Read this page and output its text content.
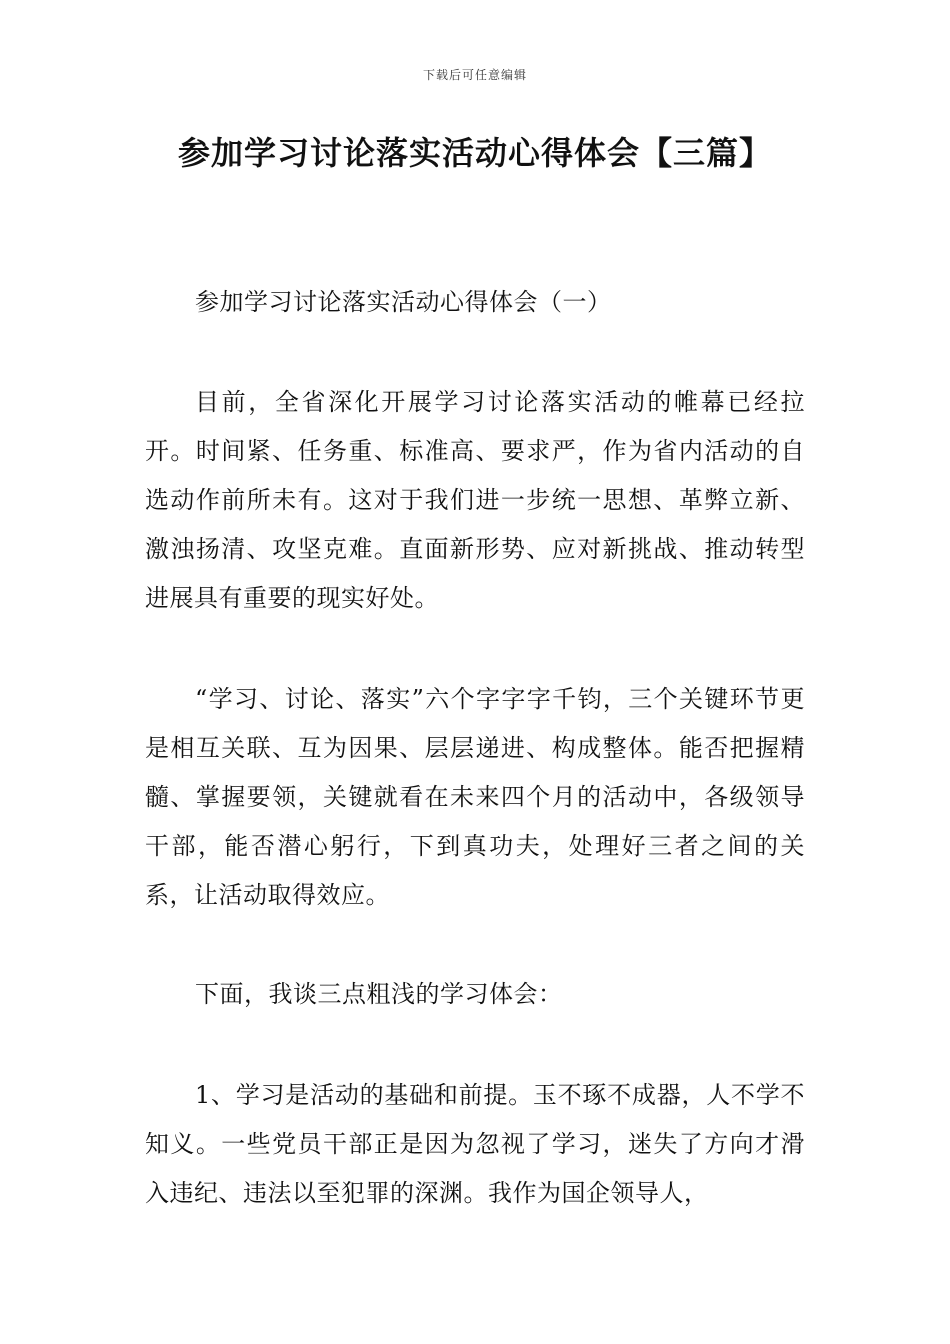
下载后可任意编辑
参加学习讨论落实活动心得体会【三篇】

参加学习讨论落实活动心得体会（一）

目前，全省深化开展学习讨论落实活动的帷幕已经拉开。时间紧、任务重、标准高、要求严，作为省内活动的自选动作前所未有。这对于我们进一步统一思想、革弊立新、激浊扬清、攻坚克难。直面新形势、应对新挑战、推动转型进展具有重要的现实好处。

“学习、讨论、落实”六个字字字千钧，三个关键环节更是相互关联、互为因果、层层递进、构成整体。能否把握精髓、掌握要领，关键就看在未来四个月的活动中，各级领导干部，能否潜心躬行，下到真功夫，处理好三者之间的关系，让活动取得效应。

下面，我谈三点粗浅的学习体会：

1、学习是活动的基础和前提。玉不琢不成器，人不学不知义。一些党员干部正是因为忽视了学习，迷失了方向才滑入违纪、违法以至犯罪的深渊。我作为国企领导人，
